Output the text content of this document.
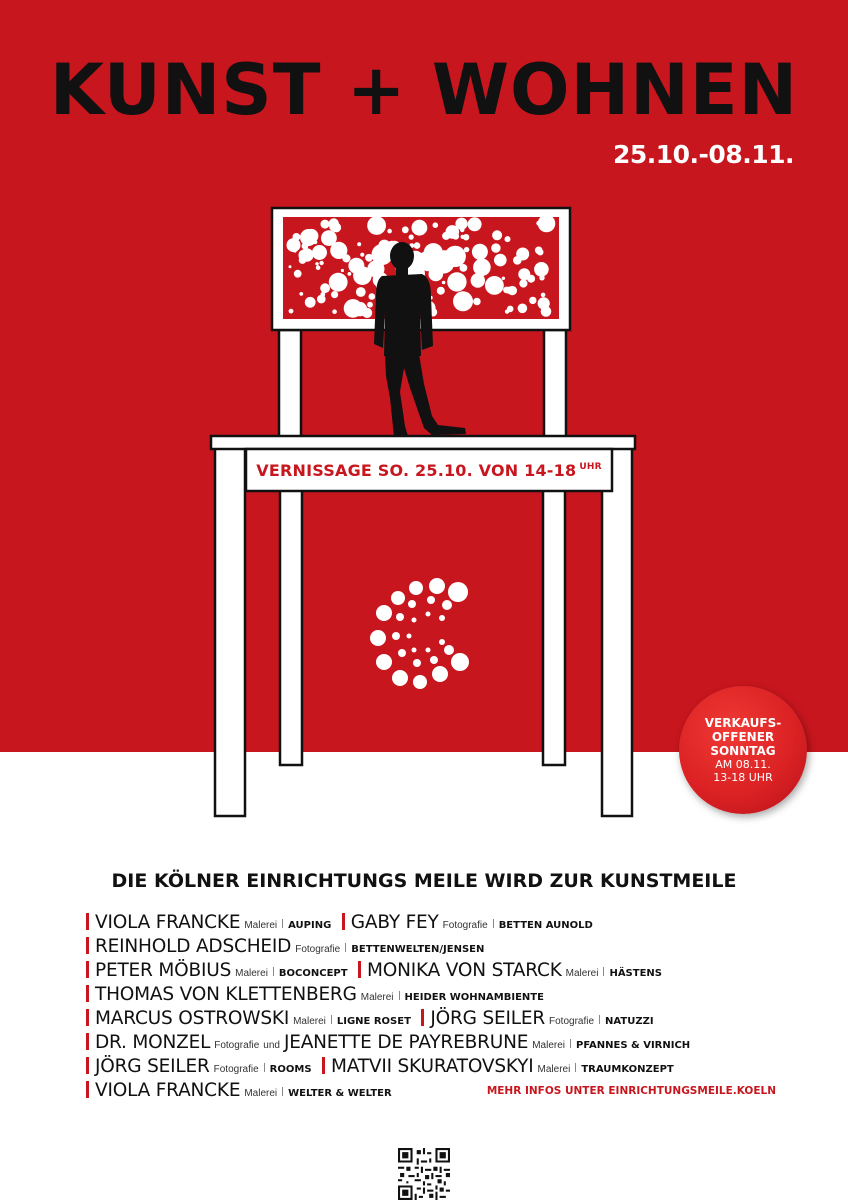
KUNST + WOHNEN
25.10.-08.11.
VERNISSAGE SO. 25.10. VON 14-18 $^{UHR}$
VERKAUFS-
OFFENER
SONNTAG
AM 08.11.
13-18 UHR
DIE KÖLNER EINRICHTUNGS MEILE WIRD ZUR KUNSTMEILE
VIOLA FRANCKE Malerei AUPING GABY FEY Fotografie BETTEN AUNOLD
REINHOLD ADSCHEID Fotografie BETTENWELTEN/JENSEN
PETER MÖBIUS Malerei BOCONCEPT MONIKA VON STARCK Malerei HÄSTENS
THOMAS VON KLETTENBERG Malerei HEIDER WOHNAMBIENTE
MARCUS OSTROWSKI Malerei LIGNE ROSET JÖRG SEILER Fotografie NATUZZI
DR. MONZEL Fotografie und JEANETTE DE PAYREBRUNE Malerei PFANNES & VIRNICH
JÖRG SEILER Fotografie ROOMS MATVII SKURATOVSKYI Malerei TRAUMKONZEPT
VIOLA FRANCKE Malerei WELTER & WELTER	MEHR INFOS UNTER EINRICHTUNGSMEILE.KOELN
